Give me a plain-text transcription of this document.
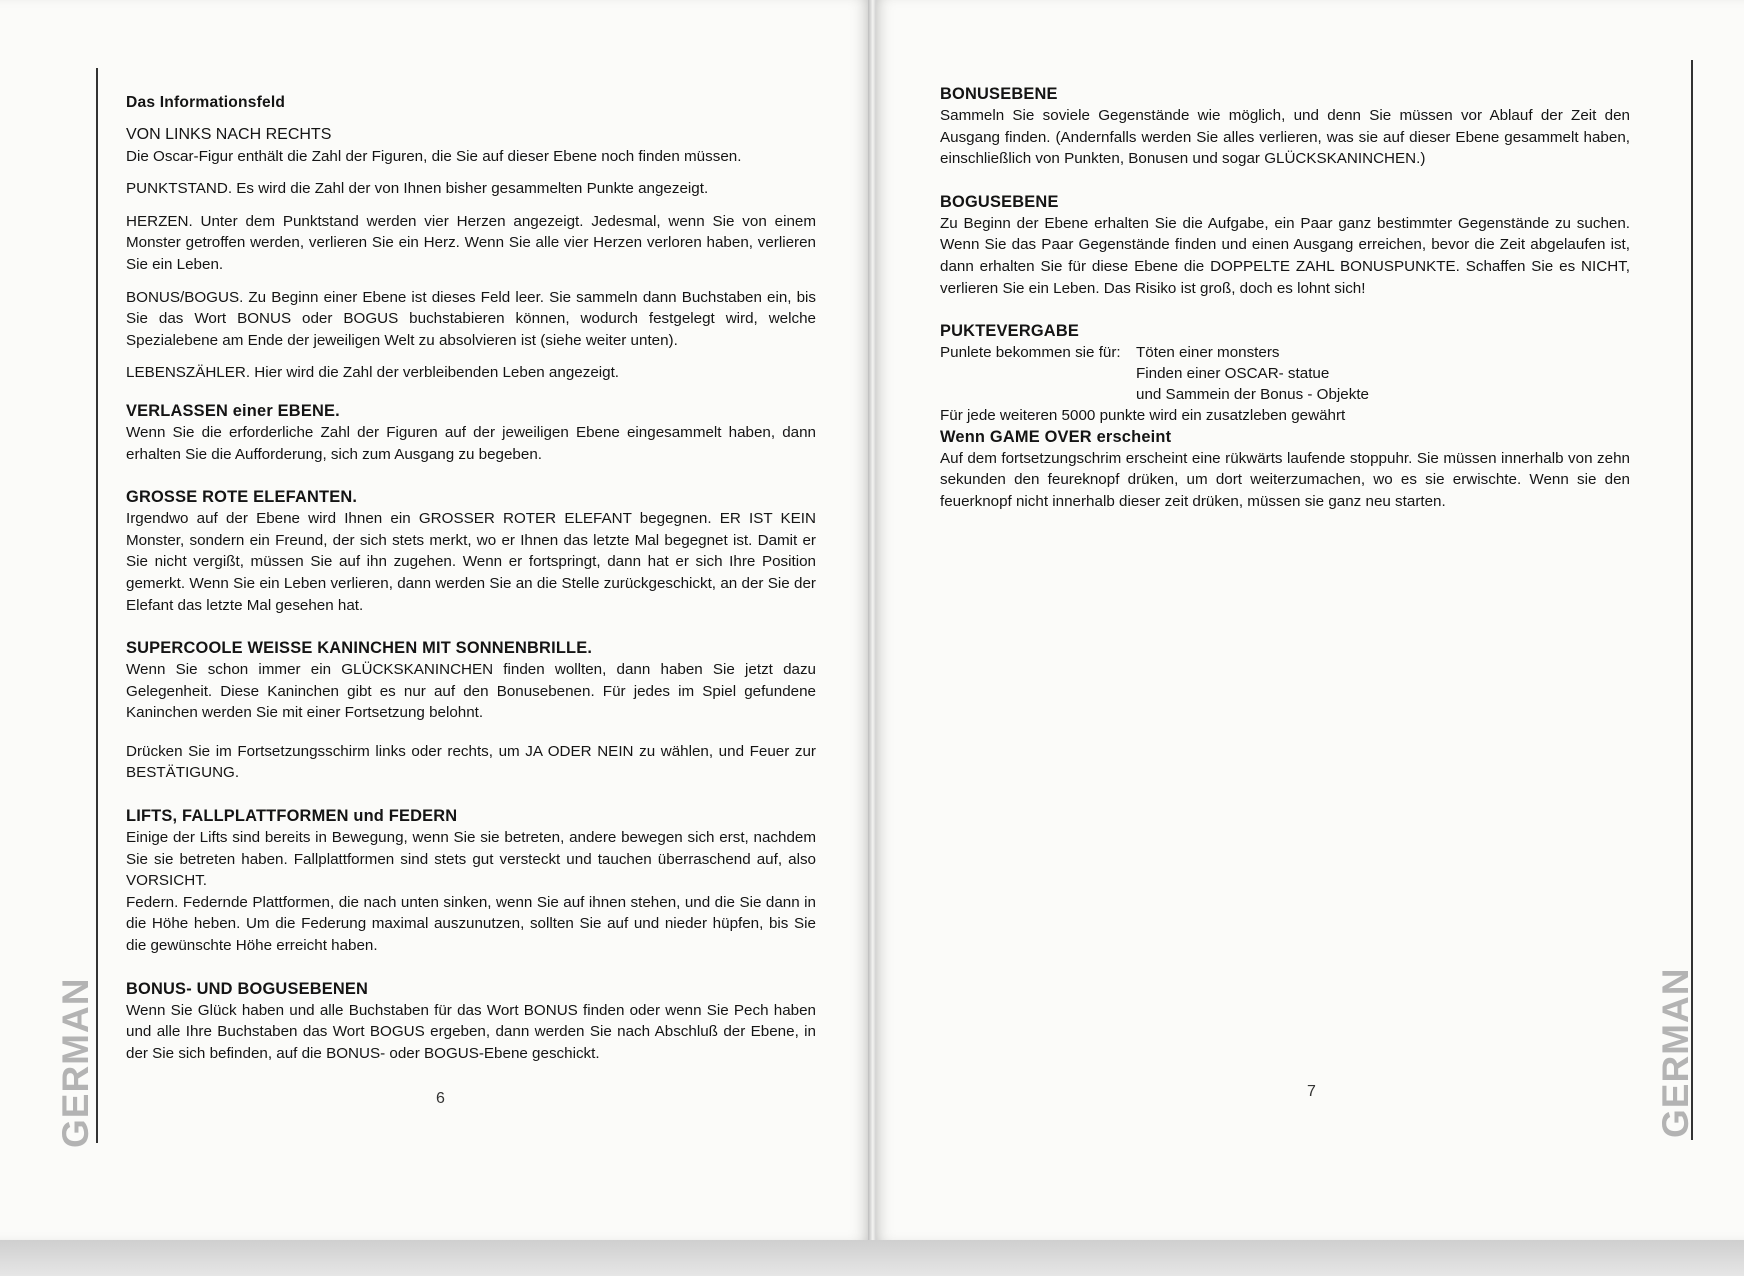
GERMAN
Das Informationsfeld

VON LINKS NACH RECHTS

Die Oscar-Figur enthält die Zahl der Figuren, die Sie auf dieser Ebene noch finden müssen.

PUNKTSTAND. Es wird die Zahl der von Ihnen bisher gesammelten Punkte angezeigt.

HERZEN. Unter dem Punktstand werden vier Herzen angezeigt. Jedesmal, wenn Sie von einem Monster getroffen werden, verlieren Sie ein Herz. Wenn Sie alle vier Herzen verloren haben, verlieren Sie ein Leben.

BONUS/BOGUS. Zu Beginn einer Ebene ist dieses Feld leer. Sie sammeln dann Buchstaben ein, bis Sie das Wort BONUS oder BOGUS buchstabieren können, wodurch festgelegt wird, welche Spezialebene am Ende der jeweiligen Welt zu absolvieren ist (siehe weiter unten).

LEBENSZÄHLER. Hier wird die Zahl der verbleibenden Leben angezeigt.

VERLASSEN einer EBENE.

Wenn Sie die erforderliche Zahl der Figuren auf der jeweiligen Ebene eingesammelt haben, dann erhalten Sie die Aufforderung, sich zum Ausgang zu begeben.

GROSSE ROTE ELEFANTEN.

Irgendwo auf der Ebene wird Ihnen ein GROSSER ROTER ELEFANT begegnen. ER IST KEIN Monster, sondern ein Freund, der sich stets merkt, wo er Ihnen das letzte Mal begegnet ist. Damit er Sie nicht vergißt, müssen Sie auf ihn zugehen. Wenn er fortspringt, dann hat er sich Ihre Position gemerkt. Wenn Sie ein Leben verlieren, dann werden Sie an die Stelle zurückgeschickt, an der Sie der Elefant das letzte Mal gesehen hat.

SUPERCOOLE WEISSE KANINCHEN MIT SONNENBRILLE.

Wenn Sie schon immer ein GLÜCKSKANINCHEN finden wollten, dann haben Sie jetzt dazu Gelegenheit. Diese Kaninchen gibt es nur auf den Bonusebenen. Für jedes im Spiel gefundene Kaninchen werden Sie mit einer Fortsetzung belohnt.

Drücken Sie im Fortsetzungsschirm links oder rechts, um JA ODER NEIN zu wählen, und Feuer zur BESTÄTIGUNG.

LIFTS, FALLPLATTFORMEN und FEDERN

Einige der Lifts sind bereits in Bewegung, wenn Sie sie betreten, andere bewegen sich erst, nachdem Sie sie betreten haben. Fallplattformen sind stets gut versteckt und tauchen überraschend auf, also VORSICHT.

Federn. Federnde Plattformen, die nach unten sinken, wenn Sie auf ihnen stehen, und die Sie dann in die Höhe heben. Um die Federung maximal auszunutzen, sollten Sie auf und nieder hüpfen, bis Sie die gewünschte Höhe erreicht haben.

BONUS- UND BOGUSEBENEN

Wenn Sie Glück haben und alle Buchstaben für das Wort BONUS finden oder wenn Sie Pech haben und alle Ihre Buchstaben das Wort BOGUS ergeben, dann werden Sie nach Abschluß der Ebene, in der Sie sich befinden, auf die BONUS- oder BOGUS-Ebene geschickt.

6	GERMAN
BONUSEBENE

Sammeln Sie soviele Gegenstände wie möglich, und denn Sie müssen vor Ablauf der Zeit den Ausgang finden. (Andernfalls werden Sie alles verlieren, was sie auf dieser Ebene gesammelt haben, einschließlich von Punkten, Bonusen und sogar GLÜCKSKANINCHEN.)

BOGUSEBENE

Zu Beginn der Ebene erhalten Sie die Aufgabe, ein Paar ganz bestimmter Gegenstände zu suchen. Wenn Sie das Paar Gegenstände finden und einen Ausgang erreichen, bevor die Zeit abgelaufen ist, dann erhalten Sie für diese Ebene die DOPPELTE ZAHL BONUSPUNKTE. Schaffen Sie es NICHT, verlieren Sie ein Leben. Das Risiko ist groß, doch es lohnt sich!

PUKTEVERGABE
Punlete bekommen sie für: Töten einer monsters
Finden einer OSCAR- statue
und Sammein der Bonus - Objekte

Für jede weiteren 5000 punkte wird ein zusatzleben gewährt

Wenn GAME OVER erscheint

Auf dem fortsetzungschrim erscheint eine rükwärts laufende stoppuhr. Sie müssen innerhalb von zehn sekunden den feureknopf drüken, um dort weiterzumachen, wo es sie erwischte. Wenn sie den feuerknopf nicht innerhalb dieser zeit drüken, müssen sie ganz neu starten.

7
